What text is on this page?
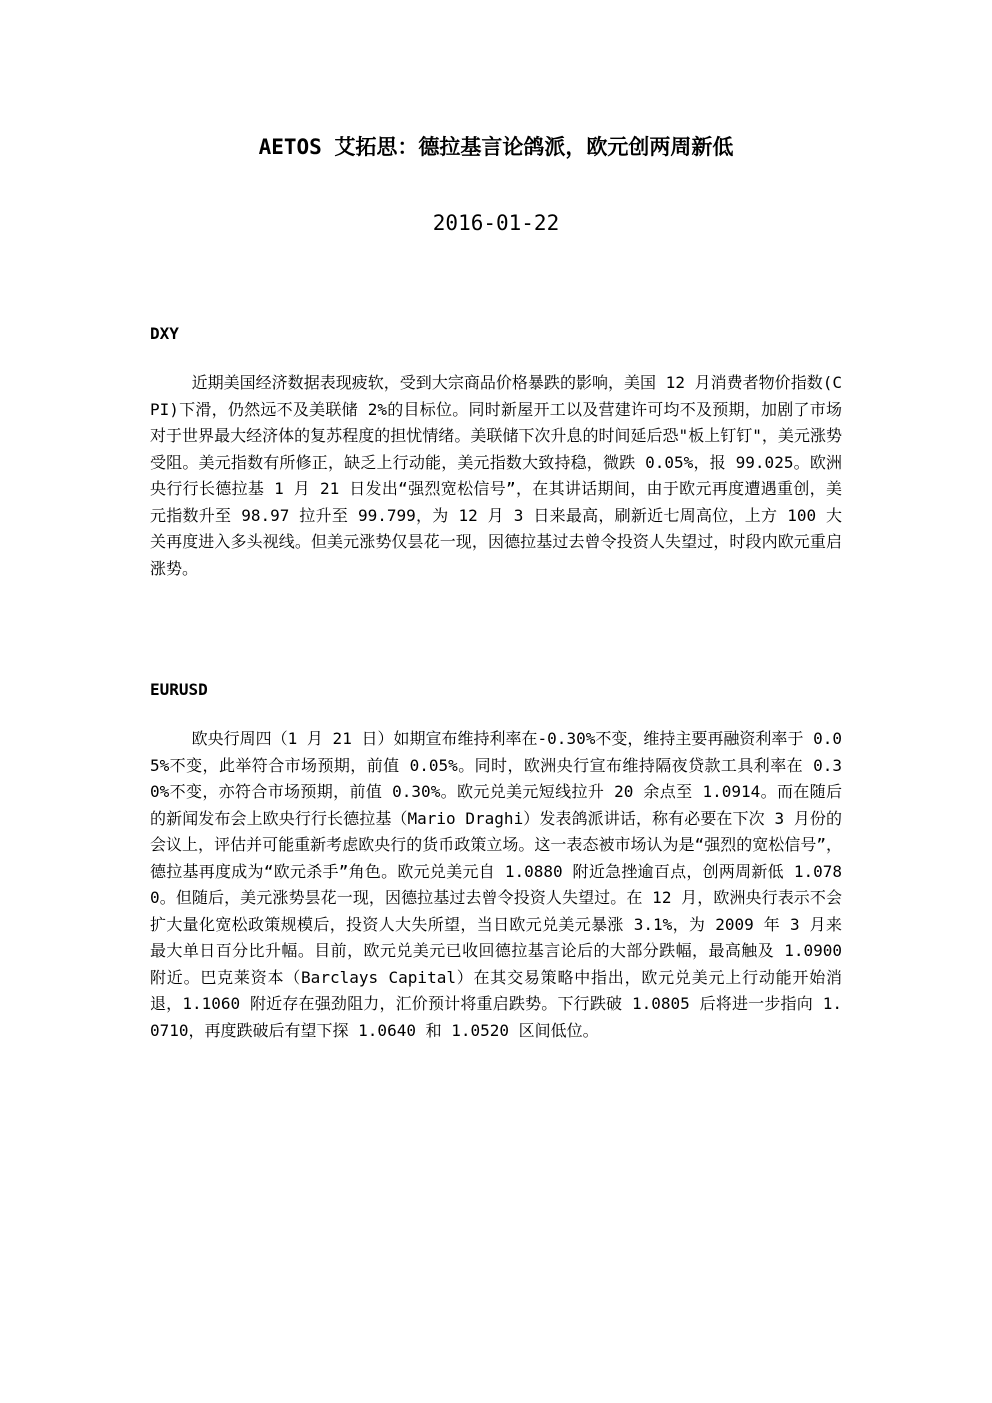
AETOS 艾拓思：德拉基言论鸽派，欧元创两周新低
2016-01-22
DXY
近期美国经济数据表现疲软，受到大宗商品价格暴跌的影响，美国 12 月消费者物价指数(CPI)下滑，仍然远不及美联储 2%的目标位。同时新屋开工以及营建许可均不及预期，加剧了市场对于世界最大经济体的复苏程度的担忧情绪。美联储下次升息的时间延后恐"板上钉钉"，美元涨势受阻。美元指数有所修正，缺乏上行动能，美元指数大致持稳，微跌 0.05%，报 99.025。欧洲央行行长德拉基 1 月 21 日发出“强烈宽松信号”，在其讲话期间，由于欧元再度遭遇重创，美元指数升至 98.97 拉升至 99.799，为 12 月 3 日来最高，刷新近七周高位，上方 100 大关再度进入多头视线。但美元涨势仅昙花一现，因德拉基过去曾令投资人失望过，时段内欧元重启涨势。
EURUSD
欧央行周四（1 月 21 日）如期宣布维持利率在-0.30%不变，维持主要再融资利率于 0.05%不变，此举符合市场预期，前值 0.05%。同时，欧洲央行宣布维持隔夜贷款工具利率在 0.30%不变，亦符合市场预期，前值 0.30%。欧元兑美元短线拉升 20 余点至 1.0914。而在随后的新闻发布会上欧央行行长德拉基（Mario Draghi）发表鸽派讲话，称有必要在下次 3 月份的会议上，评估并可能重新考虑欧央行的货币政策立场。这一表态被市场认为是“强烈的宽松信号”，德拉基再度成为“欧元杀手”角色。欧元兑美元自 1.0880 附近急挫逾百点，创两周新低 1.0780。但随后，美元涨势昙花一现，因德拉基过去曾令投资人失望过。在 12 月，欧洲央行表示不会扩大量化宽松政策规模后，投资人大失所望，当日欧元兑美元暴涨 3.1%，为 2009 年 3 月来最大单日百分比升幅。目前，欧元兑美元已收回德拉基言论后的大部分跌幅，最高触及 1.0900 附近。巴克莱资本（Barclays Capital）在其交易策略中指出，欧元兑美元上行动能开始消退，1.1060 附近存在强劲阻力，汇价预计将重启跌势。下行跌破 1.0805 后将进一步指向 1.0710，再度跌破后有望下探 1.0640 和 1.0520 区间低位。
